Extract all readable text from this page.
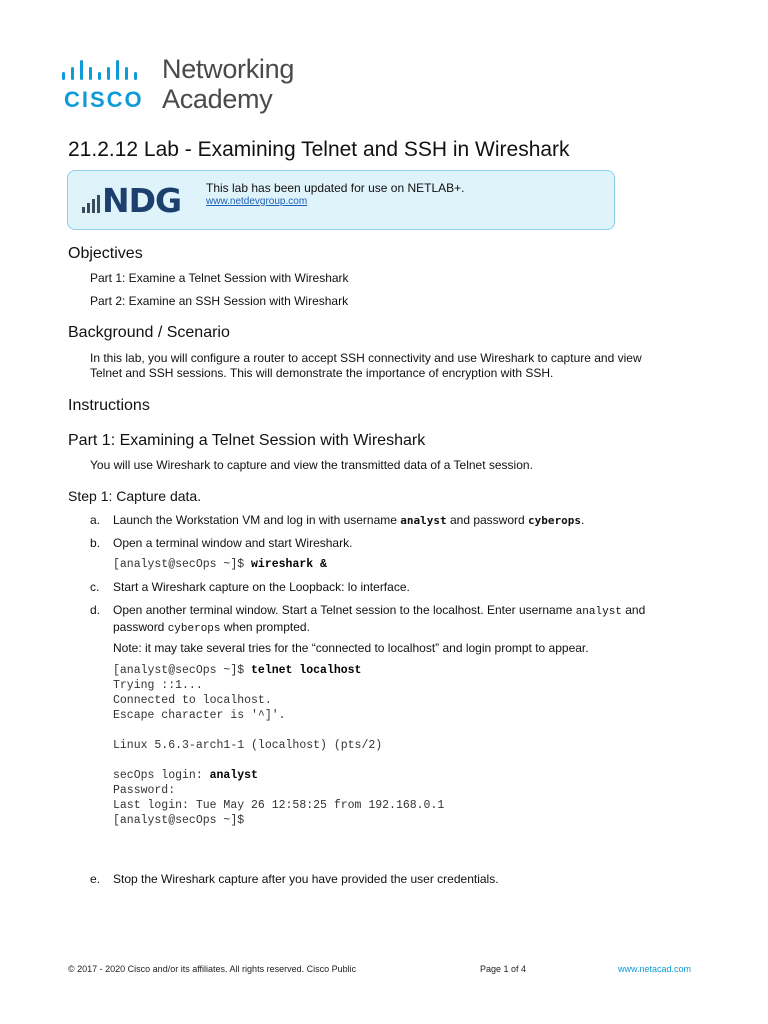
CISCO
Networking
Academy
21.2.12 Lab - Examining Telnet and SSH in Wireshark
NDG This lab has been updated for use on NETLAB+.
www.netdevgroup.com
Objectives

Part 1: Examine a Telnet Session with Wireshark

Part 2: Examine an SSH Session with Wireshark

Background / Scenario

In this lab, you will configure a router to accept SSH connectivity and use Wireshark to capture and view

Telnet and SSH sessions. This will demonstrate the importance of encryption with SSH.

Instructions
Part 1: Examining a Telnet Session with Wireshark

You will use Wireshark to capture and view the transmitted data of a Telnet session.

Step 1: Capture data.
a. Launch the Workstation VM and log in with username analyst and password cyberops.
b. Open a terminal window and start Wireshark.
[analyst@secOps ~]$ wireshark &
c. Start a Wireshark capture on the Loopback: lo interface.
d. Open another terminal window. Start a Telnet session to the localhost. Enter username analyst and
password cyberops when prompted.

Note: it may take several tries for the “connected to localhost” and login prompt to appear.

[analyst@secOps ~]$ telnet localhost
Trying ::1...
Connected to localhost.
Escape character is '^]'.

Linux 5.6.3-arch1-1 (localhost) (pts/2)

secOps login: analyst
Password:
Last login: Tue May 26 12:58:25 from 192.168.0.1
[analyst@secOps ~]$
e. Stop the Wireshark capture after you have provided the user credentials.
© 2017 - 2020 Cisco and/or its affiliates. All rights reserved. Cisco Public	Page 1 of 4	www.netacad.com
